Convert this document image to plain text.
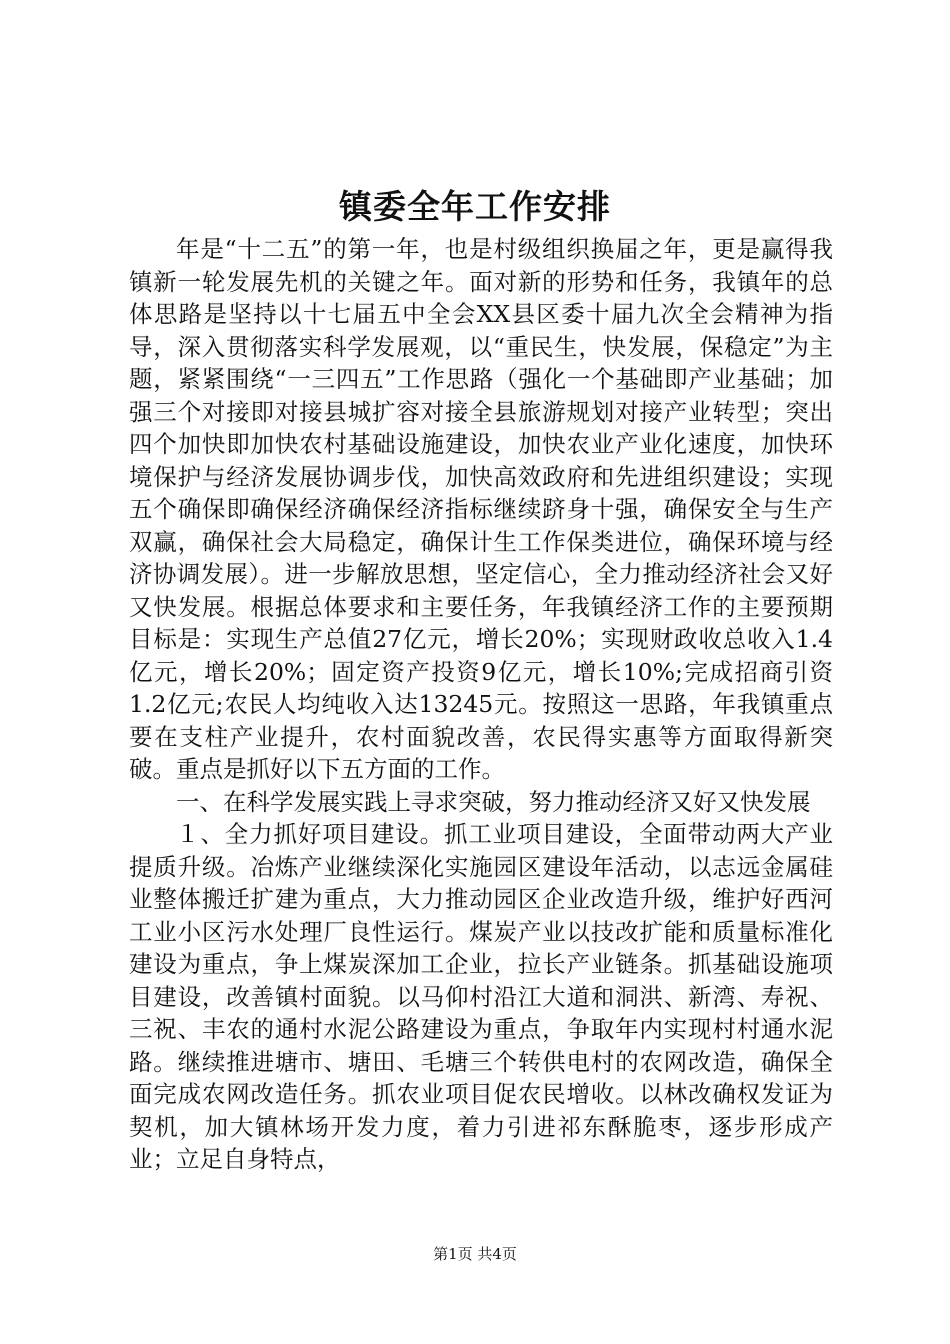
镇委全年工作安排

年是“十二五”的第一年，也是村级组织换届之年，更是赢得我镇新一轮发展先机的关键之年。面对新的形势和任务，我镇年的总体思路是坚持以十七届五中全会XX县区委十届九次全会精神为指导，深入贯彻落实科学发展观，以“重民生，快发展，保稳定”为主题，紧紧围绕“一三四五”工作思路（强化一个基础即产业基础；加强三个对接即对接县城扩容对接全县旅游规划对接产业转型；突出四个加快即加快农村基础设施建设，加快农业产业化速度，加快环境保护与经济发展协调步伐，加快高效政府和先进组织建设；实现五个确保即确保经济确保经济指标继续跻身十强，确保安全与生产双赢，确保社会大局稳定，确保计生工作保类进位，确保环境与经济协调发展）。进一步解放思想，坚定信心，全力推动经济社会又好又快发展。根据总体要求和主要任务，年我镇经济工作的主要预期目标是：实现生产总值27亿元，增长20%；实现财政收总收入1.4亿元，增长20%；固定资产投资9亿元，增长10%;完成招商引资1.2亿元;农民人均纯收入达13245元。按照这一思路，年我镇重点要在支柱产业提升，农村面貌改善，农民得实惠等方面取得新突破。重点是抓好以下五方面的工作。

一、在科学发展实践上寻求突破，努力推动经济又好又快发展

１、全力抓好项目建设。抓工业项目建设，全面带动两大产业提质升级。冶炼产业继续深化实施园区建设年活动，以志远金属硅业整体搬迁扩建为重点，大力推动园区企业改造升级，维护好西河工业小区污水处理厂良性运行。煤炭产业以技改扩能和质量标准化建设为重点，争上煤炭深加工企业，拉长产业链条。抓基础设施项目建设，改善镇村面貌。以马仰村沿江大道和洞洪、新湾、寿祝、三祝、丰农的通村水泥公路建设为重点，争取年内实现村村通水泥路。继续推进塘市、塘田、毛塘三个转供电村的农网改造，确保全面完成农网改造任务。抓农业项目促农民增收。以林改确权发证为契机，加大镇林场开发力度，着力引进祁东酥脆枣，逐步形成产业；立足自身特点，

第1页 共4页
